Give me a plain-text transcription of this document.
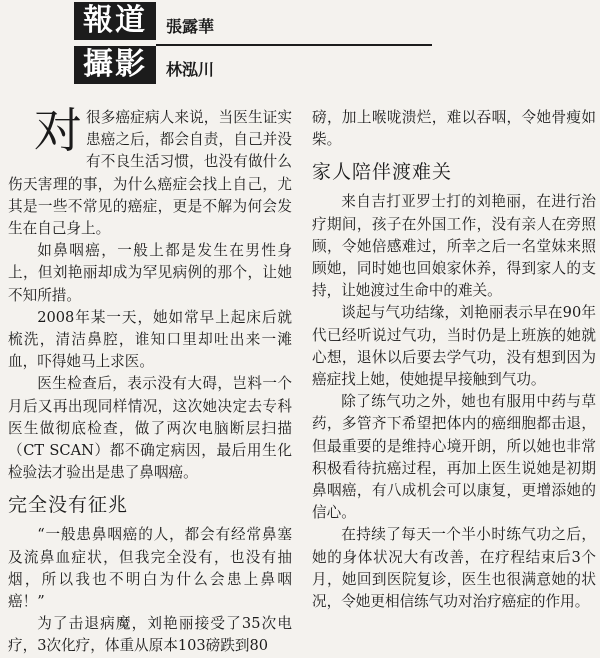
報道
攝影
張露華
林泓川

对很多癌症病人来说，当医生证实患癌之后，都会自责，自己并没有不良生活习惯，也没有做什么伤天害理的事，为什么癌症会找上自己，尤其是一些不常见的癌症，更是不解为何会发生在自己身上。

如鼻咽癌，一般上都是发生在男性身上，但刘艳丽却成为罕见病例的那个，让她不知所措。

2008年某一天，她如常早上起床后就梳洗，清洁鼻腔，谁知口里却吐出来一滩血，吓得她马上求医。

医生检查后，表示没有大碍，岂料一个月后又再出现同样情况，这次她决定去专科医生做彻底检查，做了两次电脑断层扫描（CT SCAN）都不确定病因，最后用生化检验法才验出是患了鼻咽癌。

完全没有征兆

“一般患鼻咽癌的人，都会有经常鼻塞及流鼻血症状，但我完全没有，也没有抽烟，所以我也不明白为什么会患上鼻咽癌！”

为了击退病魔，刘艳丽接受了35次电疗，3次化疗，体重从原本103磅跌到80

磅，加上喉咙溃烂，难以吞咽，令她骨瘦如柴。

家人陪伴渡难关

来自吉打亚罗士打的刘艳丽，在进行治疗期间，孩子在外国工作，没有亲人在旁照顾，令她倍感难过，所幸之后一名堂妹来照顾她，同时她也回娘家休养，得到家人的支持，让她渡过生命中的难关。

谈起与气功结缘，刘艳丽表示早在90年代已经听说过气功，当时仍是上班族的她就心想，退休以后要去学气功，没有想到因为癌症找上她，使她提早接触到气功。

除了练气功之外，她也有服用中药与草药，多管齐下希望把体内的癌细胞都击退，但最重要的是维持心境开朗，所以她也非常积极看待抗癌过程，再加上医生说她是初期鼻咽癌，有八成机会可以康复，更增添她的信心。

在持续了每天一个半小时练气功之后，她的身体状况大有改善，在疗程结束后3个月，她回到医院复诊，医生也很满意她的状况，令她更相信练气功对治疗癌症的作用。
